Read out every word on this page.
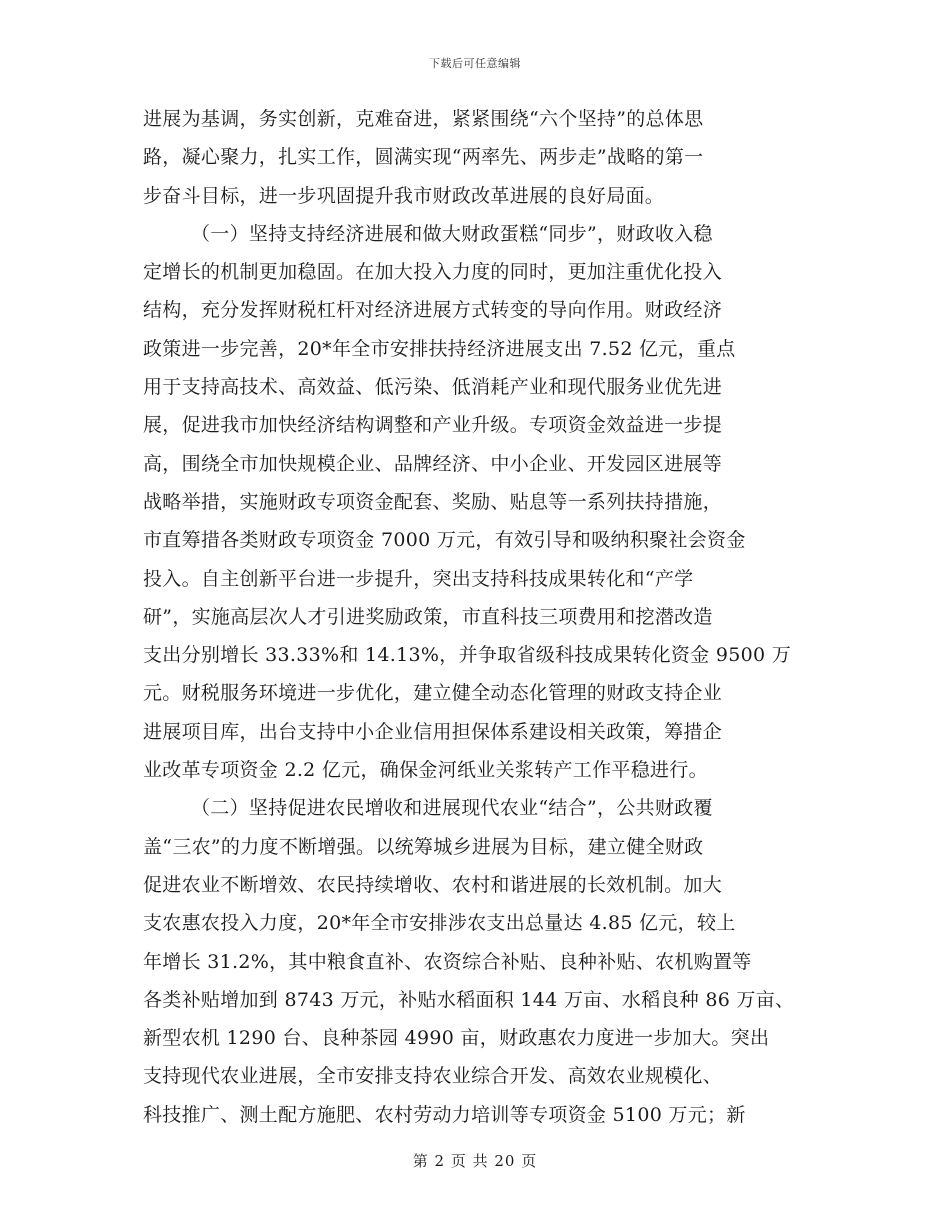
下载后可任意编辑
进展为基调，务实创新，克难奋进，紧紧围绕“六个坚持”的总体思
路，凝心聚力，扎实工作，圆满实现“两率先、两步走”战略的第一
步奋斗目标，进一步巩固提升我市财政改革进展的良好局面。
（一）坚持支持经济进展和做大财政蛋糕“同步”，财政收入稳
定增长的机制更加稳固。在加大投入力度的同时，更加注重优化投入
结构，充分发挥财税杠杆对经济进展方式转变的导向作用。财政经济
政策进一步完善，20*年全市安排扶持经济进展支出 7.52 亿元，重点
用于支持高技术、高效益、低污染、低消耗产业和现代服务业优先进
展，促进我市加快经济结构调整和产业升级。专项资金效益进一步提
高，围绕全市加快规模企业、品牌经济、中小企业、开发园区进展等
战略举措，实施财政专项资金配套、奖励、贴息等一系列扶持措施，
市直筹措各类财政专项资金 7000 万元，有效引导和吸纳积聚社会资金
投入。自主创新平台进一步提升，突出支持科技成果转化和“产学
研”，实施高层次人才引进奖励政策，市直科技三项费用和挖潜改造
支出分别增长 33.33%和 14.13%，并争取省级科技成果转化资金 9500 万
元。财税服务环境进一步优化，建立健全动态化管理的财政支持企业
进展项目库，出台支持中小企业信用担保体系建设相关政策，筹措企
业改革专项资金 2.2 亿元，确保金河纸业关浆转产工作平稳进行。
（二）坚持促进农民增收和进展现代农业“结合”，公共财政覆
盖“三农”的力度不断增强。以统筹城乡进展为目标，建立健全财政
促进农业不断增效、农民持续增收、农村和谐进展的长效机制。加大
支农惠农投入力度，20*年全市安排涉农支出总量达 4.85 亿元，较上
年增长 31.2%，其中粮食直补、农资综合补贴、良种补贴、农机购置等
各类补贴增加到 8743 万元，补贴水稻面积 144 万亩、水稻良种 86 万亩、
新型农机 1290 台、良种茶园 4990 亩，财政惠农力度进一步加大。突出
支持现代农业进展，全市安排支持农业综合开发、高效农业规模化、
科技推广、测土配方施肥、农村劳动力培训等专项资金 5100 万元；新
第 2 页 共 20 页
